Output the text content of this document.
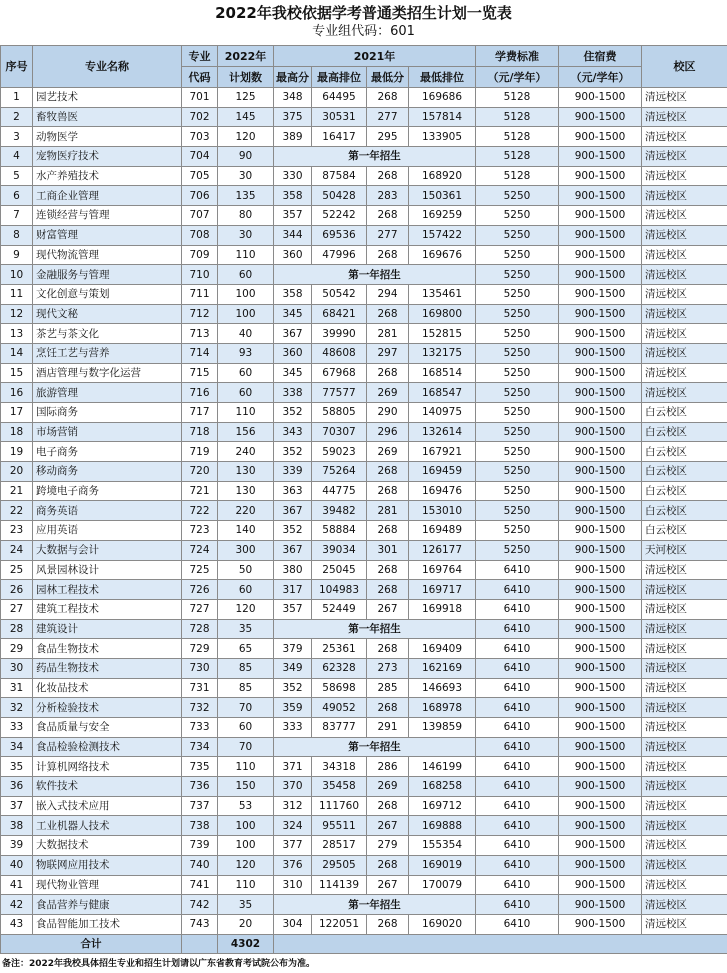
2022年我校依据学考普通类招生计划一览表
专业组代码：601
序号	专业名称	专业	2022年	2021年				学费标准	住宿费	校区
		代码	计划数	最高分	最高排位	最低分	最低排位	（元/学年）	（元/学年）	
1	园艺技术	701	125	348	64495	268	169686	5128	900-1500	清远校区
2	畜牧兽医	702	145	375	30531	277	157814	5128	900-1500	清远校区
3	动物医学	703	120	389	16417	295	133905	5128	900-1500	清远校区
4	宠物医疗技术	704	90	第一年招生				5128	900-1500	清远校区
5	水产养殖技术	705	30	330	87584	268	168920	5128	900-1500	清远校区
6	工商企业管理	706	135	358	50428	283	150361	5250	900-1500	清远校区
7	连锁经营与管理	707	80	357	52242	268	169259	5250	900-1500	清远校区
8	财富管理	708	30	344	69536	277	157422	5250	900-1500	清远校区
9	现代物流管理	709	110	360	47996	268	169676	5250	900-1500	清远校区
10	金融服务与管理	710	60	第一年招生				5250	900-1500	清远校区
11	文化创意与策划	711	100	358	50542	294	135461	5250	900-1500	清远校区
12	现代文秘	712	100	345	68421	268	169800	5250	900-1500	清远校区
13	茶艺与茶文化	713	40	367	39990	281	152815	5250	900-1500	清远校区
14	烹饪工艺与营养	714	93	360	48608	297	132175	5250	900-1500	清远校区
15	酒店管理与数字化运营	715	60	345	67968	268	168514	5250	900-1500	清远校区
16	旅游管理	716	60	338	77577	269	168547	5250	900-1500	清远校区
17	国际商务	717	110	352	58805	290	140975	5250	900-1500	白云校区
18	市场营销	718	156	343	70307	296	132614	5250	900-1500	白云校区
19	电子商务	719	240	352	59023	269	167921	5250	900-1500	白云校区
20	移动商务	720	130	339	75264	268	169459	5250	900-1500	白云校区
21	跨境电子商务	721	130	363	44775	268	169476	5250	900-1500	白云校区
22	商务英语	722	220	367	39482	281	153010	5250	900-1500	白云校区
23	应用英语	723	140	352	58884	268	169489	5250	900-1500	白云校区
24	大数据与会计	724	300	367	39034	301	126177	5250	900-1500	天河校区
25	风景园林设计	725	50	380	25045	268	169764	6410	900-1500	清远校区
26	园林工程技术	726	60	317	104983	268	169717	6410	900-1500	清远校区
27	建筑工程技术	727	120	357	52449	267	169918	6410	900-1500	清远校区
28	建筑设计	728	35	第一年招生				6410	900-1500	清远校区
29	食品生物技术	729	65	379	25361	268	169409	6410	900-1500	清远校区
30	药品生物技术	730	85	349	62328	273	162169	6410	900-1500	清远校区
31	化妆品技术	731	85	352	58698	285	146693	6410	900-1500	清远校区
32	分析检验技术	732	70	359	49052	268	168978	6410	900-1500	清远校区
33	食品质量与安全	733	60	333	83777	291	139859	6410	900-1500	清远校区
34	食品检验检测技术	734	70	第一年招生				6410	900-1500	清远校区
35	计算机网络技术	735	110	371	34318	286	146199	6410	900-1500	清远校区
36	软件技术	736	150	370	35458	269	168258	6410	900-1500	清远校区
37	嵌入式技术应用	737	53	312	111760	268	169712	6410	900-1500	清远校区
38	工业机器人技术	738	100	324	95511	267	169888	6410	900-1500	清远校区
39	大数据技术	739	100	377	28517	279	155354	6410	900-1500	清远校区
40	物联网应用技术	740	120	376	29505	268	169019	6410	900-1500	清远校区
41	现代物业管理	741	110	310	114139	267	170079	6410	900-1500	清远校区
42	食品营养与健康	742	35	第一年招生				6410	900-1500	清远校区
43	食品智能加工技术	743	20	304	122051	268	169020	6410	900-1500	清远校区
合计			4302							
备注：2022年我校具体招生专业和招生计划请以广东省教育考试院公布为准。
